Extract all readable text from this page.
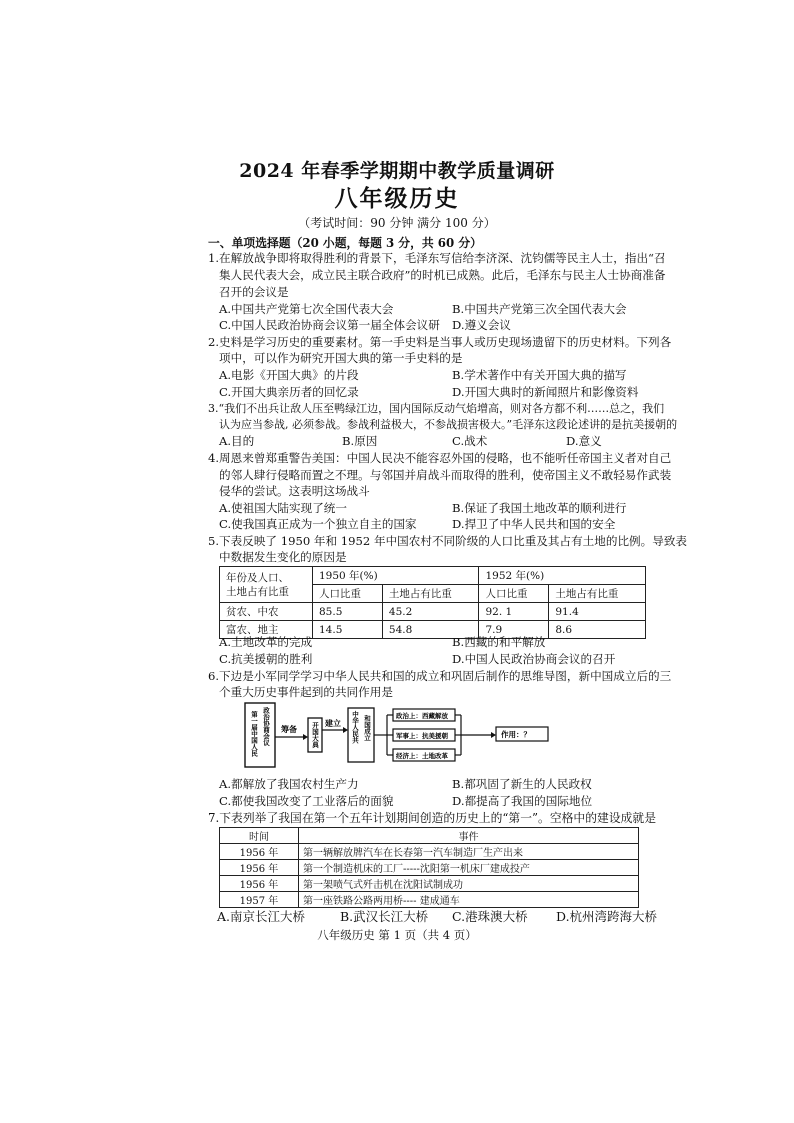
2024 年春季学期期中教学质量调研
八年级历史
（考试时间：90 分钟 满分 100 分）
一、单项选择题（20 小题，每题 3 分，共 60 分）
1.在解放战争即将取得胜利的背景下，毛泽东写信给李济深、沈钧儒等民主人士，指出“召
集人民代表大会，成立民主联合政府”的时机已成熟。此后，毛泽东与民主人士协商准备
召开的会议是
A.中国共产党第七次全国代表大会	B.中国共产党第三次全国代表大会
C.中国人民政治协商会议第一届全体会议研 D.遵义会议
2.史料是学习历史的重要素材。第一手史料是当事人或历史现场遗留下的历史材料。下列各
项中，可以作为研究开国大典的第一手史料的是
A.电影《开国大典》的片段	B.学术著作中有关开国大典的描写
C.开国大典亲历者的回忆录	D.开国大典时的新闻照片和影像资料
3.“我们不出兵让敌人压至鸭绿江边，国内国际反动气焰增高，则对各方都不利……总之，我们
认为应当参战, 必须参战。参战利益极大，不参战损害极大。”毛泽东这段论述讲的是抗美援朝的
A.目的	B.原因	C.战术	D.意义
4.周恩来曾郑重警告美国：中国人民决不能容忍外国的侵略，也不能听任帝国主义者对自己
的邻人肆行侵略而置之不理。与邻国并肩战斗而取得的胜利，使帝国主义不敢轻易作武装
侵华的尝试。这表明这场战斗
A.使祖国大陆实现了统一	B.保证了我国土地改革的顺利进行
C.使我国真正成为一个独立自主的国家	D.捍卫了中华人民共和国的安全
5.下表反映了 1950 年和 1952 年中国农村不同阶级的人口比重及其占有土地的比例。导致表
中数据发生变化的原因是
年份及人口、
土地占有比重	1950 年(%)		1952 年(%)	
	人口比重	土地占有比重	人口比重	土地占有比重
贫农、中农	85.5	45.2	92. 1	91.4
富农、地主	14.5	54.8	7.9	8.6
A.土地改革的完成	B.西藏的和平解放
C.抗美援朝的胜利	D.中国人民政治协商会议的召开
6.下边是小军同学学习中华人民共和国的成立和巩固后制作的思维导图，新中国成立后的三
个重大历史事件起到的共同作用是
第一届中国人民 政治协商会议 筹备 开国大典 建立 中华人民共 和国成立	政治上：西藏解放
军事上：抗美援朝
经济上：土地改革
作用：？
A.都解放了我国农村生产力	B.都巩固了新生的人民政权
C.都使我国改变了工业落后的面貌	D.都提高了我国的国际地位
7.下表列举了我国在第一个五年计划期间创造的历史上的“第一”。空格中的建设成就是
时间	事件
1956 年	第一辆解放牌汽车在长春第一汽车制造厂生产出来
1956 年	第一个制造机床的工厂-----沈阳第一机床厂建成投产
1956 年	第一架喷气式歼击机在沈阳试制成功
1957 年	第一座铁路公路两用桥---- 建成通车
A.南京长江大桥	B.武汉长江大桥 C.港珠澳大桥 D.杭州湾跨海大桥
八年级历史 第 1 页（共 4 页）
